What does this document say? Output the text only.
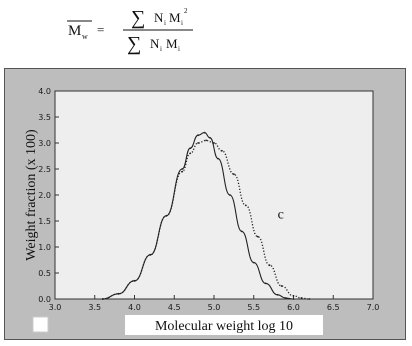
M w =
∑ N i M i
2
∑ N i M i
3.0	3.5	4.0	4.5	5.0	5.5	6.0	6.5	7.0
0.0
0.5
1.0
1.5
2.0
2.5
3.0
3.5
4.0
c
Weight fraction (x 100)
Molecular weight log 10
